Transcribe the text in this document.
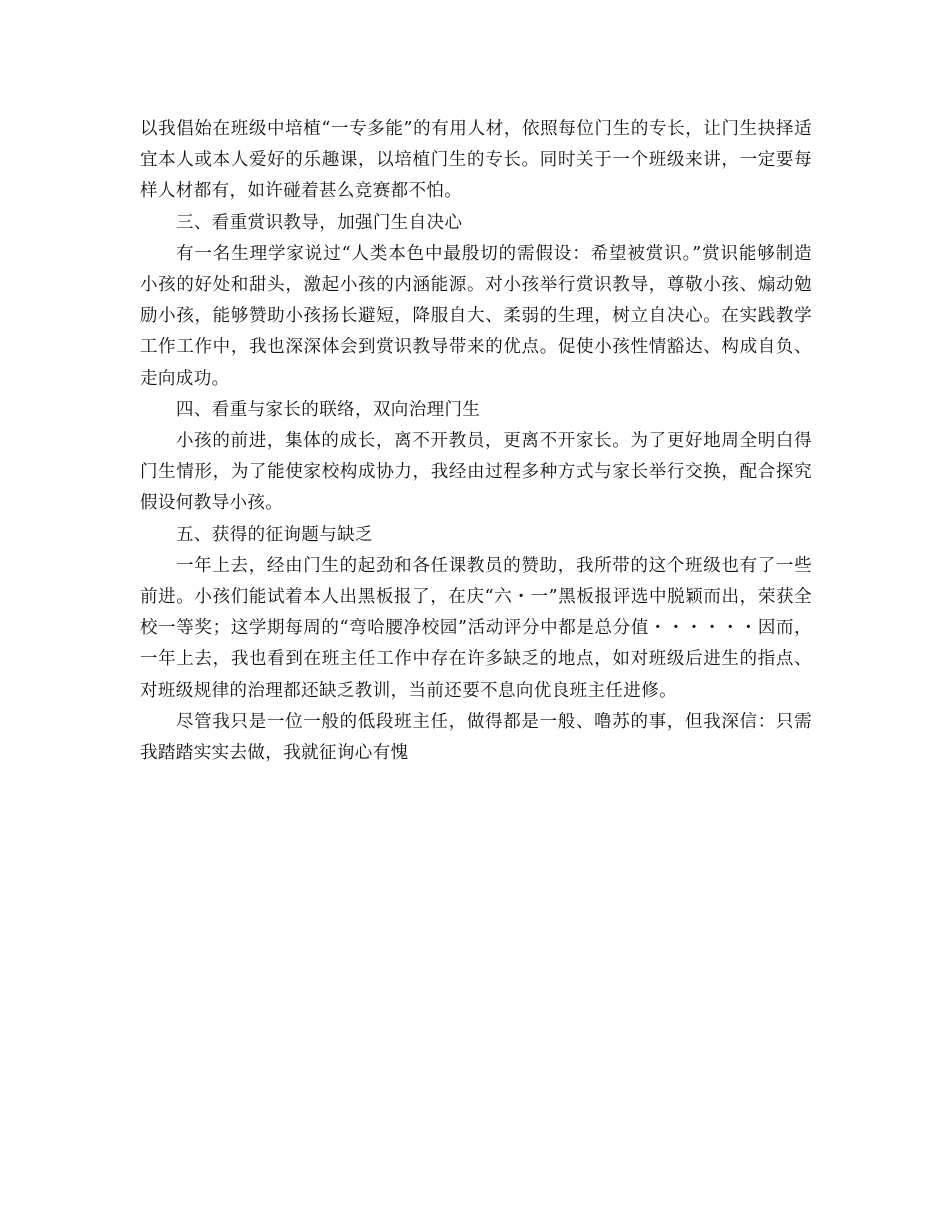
以我倡始在班级中培植“一专多能”的有用人材，依照每位门生的专长，让门生抉择适宜本人或本人爱好的乐趣课，以培植门生的专长。同时关于一个班级来讲，一定要每样人材都有，如许碰着甚么竞赛都不怕。

三、看重赏识教导，加强门生自决心

有一名生理学家说过“人类本色中最殷切的需假设：希望被赏识。”赏识能够制造小孩的好处和甜头，激起小孩的内涵能源。对小孩举行赏识教导，尊敬小孩、煽动勉励小孩，能够赞助小孩扬长避短，降服自大、柔弱的生理，树立自决心。在实践教学工作工作中，我也深深体会到赏识教导带来的优点。促使小孩性情豁达、构成自负、走向成功。

四、看重与家长的联络，双向治理门生

小孩的前进，集体的成长，离不开教员，更离不开家长。为了更好地周全明白得门生情形，为了能使家校构成协力，我经由过程多种方式与家长举行交换，配合探究假设何教导小孩。

五、获得的征询题与缺乏

一年上去，经由门生的起劲和各任课教员的赞助，我所带的这个班级也有了一些前进。小孩们能试着本人出黑板报了，在庆“六・一”黑板报评选中脱颖而出，荣获全校一等奖；这学期每周的“弯哈腰净校园”活动评分中都是总分值・・・・・・因而，一年上去，我也看到在班主任工作中存在许多缺乏的地点，如对班级后进生的指点、对班级规律的治理都还缺乏教训，当前还要不息向优良班主任进修。

尽管我只是一位一般的低段班主任，做得都是一般、噜苏的事，但我深信：只需我踏踏实实去做，我就征询心有愧
